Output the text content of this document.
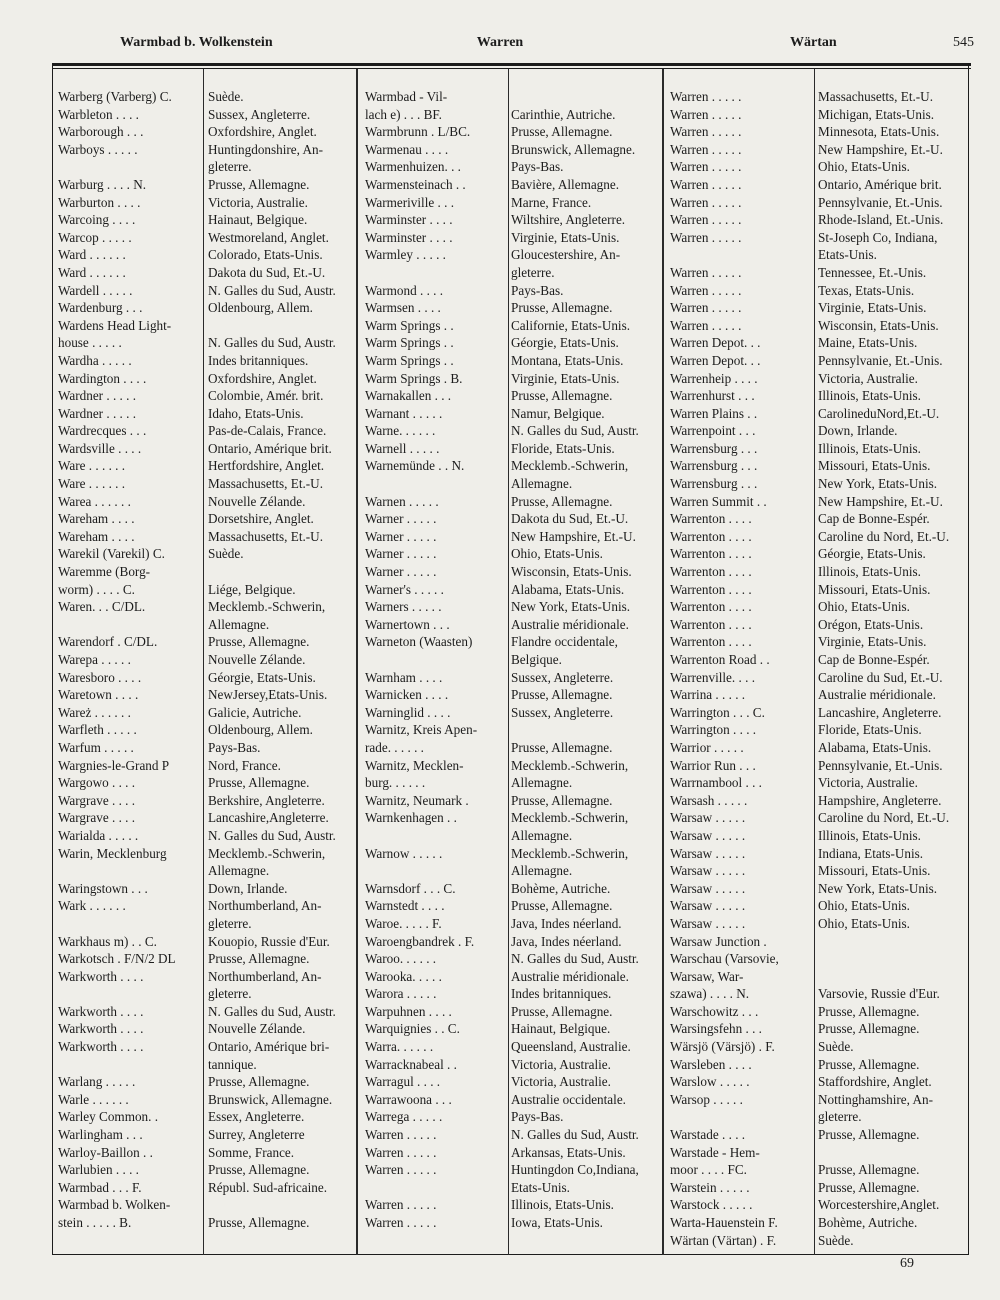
Warmbad b. Wolkenstein	Warren	Wärtan	545
Warberg (Varberg) C.	Suède.
Warbleton . . . .	Sussex, Angleterre.
Warborough . . .	Oxfordshire, Anglet.
Warboys . . . . .	Huntingdonshire, An-
gleterre.
Warburg . . . . N.	Prusse, Allemagne.
Warburton . . . .	Victoria, Australie.
Warcoing . . . .	Hainaut, Belgique.
Warcop . . . . .	Westmoreland, Anglet.
Ward . . . . . .	Colorado, Etats-Unis.
Ward . . . . . .	Dakota du Sud, Et.-U.
Wardell . . . . .	N. Galles du Sud, Austr.
Wardenburg . . .	Oldenbourg, Allem.
Wardens Head Light-
house . . . . .	N. Galles du Sud, Austr.
Wardha . . . . .	Indes britanniques.
Wardington . . . .	Oxfordshire, Anglet.
Wardner . . . . .	Colombie, Amér. brit.
Wardner . . . . .	Idaho, Etats-Unis.
Wardrecques . . .	Pas-de-Calais, France.
Wardsville . . . .	Ontario, Amérique brit.
Ware . . . . . .	Hertfordshire, Anglet.
Ware . . . . . .	Massachusetts, Et.-U.
Warea . . . . . .	Nouvelle Zélande.
Wareham . . . .	Dorsetshire, Anglet.
Wareham . . . .	Massachusetts, Et.-U.
Warekil (Varekil) C.	Suède.
Waremme (Borg-
worm) . . . . C.	Liége, Belgique.
Waren. . . C/DL.	Mecklemb.-Schwerin,
Allemagne.
Warendorf . C/DL.	Prusse, Allemagne.
Warepa . . . . .	Nouvelle Zélande.
Waresboro . . . .	Géorgie, Etats-Unis.
Waretown . . . .	NewJersey,Etats-Unis.
Wareż . . . . . .	Galicie, Autriche.
Warfleth . . . . .	Oldenbourg, Allem.
Warfum . . . . .	Pays-Bas.
Wargnies-le-Grand P	Nord, France.
Wargowo . . . .	Prusse, Allemagne.
Wargrave . . . .	Berkshire, Angleterre.
Wargrave . . . .	Lancashire,Angleterre.
Warialda . . . . .	N. Galles du Sud, Austr.
Warin, Mecklenburg	Mecklemb.-Schwerin,
Allemagne.
Waringstown . . .	Down, Irlande.
Wark . . . . . .	Northumberland, An-
gleterre.
Warkhaus m) . . C.	Kouopio, Russie d'Eur.
Warkotsch . F/N/2 DL	Prusse, Allemagne.
Warkworth . . . .	Northumberland, An-
gleterre.
Warkworth . . . .	N. Galles du Sud, Austr.
Warkworth . . . .	Nouvelle Zélande.
Warkworth . . . .	Ontario, Amérique bri-
tannique.
Warlang . . . . .	Prusse, Allemagne.
Warle . . . . . .	Brunswick, Allemagne.
Warley Common. .	Essex, Angleterre.
Warlingham . . .	Surrey, Angleterre
Warloy-Baillon . .	Somme, France.
Warlubien . . . .	Prusse, Allemagne.
Warmbad . . . F.	Républ. Sud-africaine.
Warmbad b. Wolken-
stein . . . . . B.	Prusse, Allemagne.
Warmbad - Vil-
lach e) . . . BF.	Carinthie, Autriche.
Warmbrunn . L/BC.	Prusse, Allemagne.
Warmenau . . . .	Brunswick, Allemagne.
Warmenhuizen. . .	Pays-Bas.
Warmensteinach . .	Bavière, Allemagne.
Warmeriville . . .	Marne, France.
Warminster . . . .	Wiltshire, Angleterre.
Warminster . . . .	Virginie, Etats-Unis.
Warmley . . . . .	Gloucestershire, An-
gleterre.
Warmond . . . .	Pays-Bas.
Warmsen . . . .	Prusse, Allemagne.
Warm Springs . .	Californie, Etats-Unis.
Warm Springs . .	Géorgie, Etats-Unis.
Warm Springs . .	Montana, Etats-Unis.
Warm Springs . B.	Virginie, Etats-Unis.
Warnakallen . . .	Prusse, Allemagne.
Warnant . . . . .	Namur, Belgique.
Warne. . . . . .	N. Galles du Sud, Austr.
Warnell . . . . .	Floride, Etats-Unis.
Warnemünde . . N.	Mecklemb.-Schwerin,
Allemagne.
Warnen . . . . .	Prusse, Allemagne.
Warner . . . . .	Dakota du Sud, Et.-U.
Warner . . . . .	New Hampshire, Et.-U.
Warner . . . . .	Ohio, Etats-Unis.
Warner . . . . .	Wisconsin, Etats-Unis.
Warner's . . . . .	Alabama, Etats-Unis.
Warners . . . . .	New York, Etats-Unis.
Warnertown . . .	Australie méridionale.
Warneton (Waasten)	Flandre occidentale,
Belgique.
Warnham . . . .	Sussex, Angleterre.
Warnicken . . . .	Prusse, Allemagne.
Warninglid . . . .	Sussex, Angleterre.
Warnitz, Kreis Apen-
rade. . . . . .	Prusse, Allemagne.
Warnitz, Mecklen-	Mecklemb.-Schwerin,
burg. . . . . .	Allemagne.
Warnitz, Neumark .	Prusse, Allemagne.
Warnkenhagen . .	Mecklemb.-Schwerin,
Allemagne.
Warnow . . . . .	Mecklemb.-Schwerin,
Allemagne.
Warnsdorf . . . C.	Bohème, Autriche.
Warnstedt . . . .	Prusse, Allemagne.
Waroe. . . . . F.	Java, Indes néerland.
Waroengbandrek . F.	Java, Indes néerland.
Waroo. . . . . .	N. Galles du Sud, Austr.
Warooka. . . . .	Australie méridionale.
Warora . . . . .	Indes britanniques.
Warpuhnen . . . .	Prusse, Allemagne.
Warquignies . . C.	Hainaut, Belgique.
Warra. . . . . .	Queensland, Australie.
Warracknabeal . .	Victoria, Australie.
Warragul . . . .	Victoria, Australie.
Warrawoona . . .	Australie occidentale.
Warrega . . . . .	Pays-Bas.
Warren . . . . .	N. Galles du Sud, Austr.
Warren . . . . .	Arkansas, Etats-Unis.
Warren . . . . .	Huntingdon Co,Indiana,
Etats-Unis.
Warren . . . . .	Illinois, Etats-Unis.
Warren . . . . .	Iowa, Etats-Unis.
Warren . . . . .	Massachusetts, Et.-U.
Warren . . . . .	Michigan, Etats-Unis.
Warren . . . . .	Minnesota, Etats-Unis.
Warren . . . . .	New Hampshire, Et.-U.
Warren . . . . .	Ohio, Etats-Unis.
Warren . . . . .	Ontario, Amérique brit.
Warren . . . . .	Pennsylvanie, Et.-Unis.
Warren . . . . .	Rhode-Island, Et.-Unis.
Warren . . . . .	St-Joseph Co, Indiana,
Etats-Unis.
Warren . . . . .	Tennessee, Et.-Unis.
Warren . . . . .	Texas, Etats-Unis.
Warren . . . . .	Virginie, Etats-Unis.
Warren . . . . .	Wisconsin, Etats-Unis.
Warren Depot. . .	Maine, Etats-Unis.
Warren Depot. . .	Pennsylvanie, Et.-Unis.
Warrenheip . . . .	Victoria, Australie.
Warrenhurst . . .	Illinois, Etats-Unis.
Warren Plains . .	CarolineduNord,Et.-U.
Warrenpoint . . .	Down, Irlande.
Warrensburg . . .	Illinois, Etats-Unis.
Warrensburg . . .	Missouri, Etats-Unis.
Warrensburg . . .	New York, Etats-Unis.
Warren Summit . .	New Hampshire, Et.-U.
Warrenton . . . .	Cap de Bonne-Espér.
Warrenton . . . .	Caroline du Nord, Et.-U.
Warrenton . . . .	Géorgie, Etats-Unis.
Warrenton . . . .	Illinois, Etats-Unis.
Warrenton . . . .	Missouri, Etats-Unis.
Warrenton . . . .	Ohio, Etats-Unis.
Warrenton . . . .	Orégon, Etats-Unis.
Warrenton . . . .	Virginie, Etats-Unis.
Warrenton Road . .	Cap de Bonne-Espér.
Warrenville. . . .	Caroline du Sud, Et.-U.
Warrina . . . . .	Australie méridionale.
Warrington . . . C.	Lancashire, Angleterre.
Warrington . . . .	Floride, Etats-Unis.
Warrior . . . . .	Alabama, Etats-Unis.
Warrior Run . . .	Pennsylvanie, Et.-Unis.
Warrnambool . . .	Victoria, Australie.
Warsash . . . . .	Hampshire, Angleterre.
Warsaw . . . . .	Caroline du Nord, Et.-U.
Warsaw . . . . .	Illinois, Etats-Unis.
Warsaw . . . . .	Indiana, Etats-Unis.
Warsaw . . . . .	Missouri, Etats-Unis.
Warsaw . . . . .	New York, Etats-Unis.
Warsaw . . . . .	Ohio, Etats-Unis.
Warsaw . . . . .	Ohio, Etats-Unis.
Warsaw Junction .
Warschau (Varsovie,
Warsaw, War-
szawa) . . . . N.	Varsovie, Russie d'Eur.
Warschowitz . . .	Prusse, Allemagne.
Warsingsfehn . . .	Prusse, Allemagne.
Wärsjö (Värsjö) . F.	Suède.
Warsleben . . . .	Prusse, Allemagne.
Warslow . . . . .	Staffordshire, Anglet.
Warsop . . . . .	Nottinghamshire, An-
gleterre.
Warstade . . . .	Prusse, Allemagne.
Warstade - Hem-
moor . . . . FC.	Prusse, Allemagne.
Warstein . . . . .	Prusse, Allemagne.
Warstock . . . . .	Worcestershire,Anglet.
Warta-Hauenstein F.	Bohème, Autriche.
Wärtan (Värtan) . F.	Suède.
69
